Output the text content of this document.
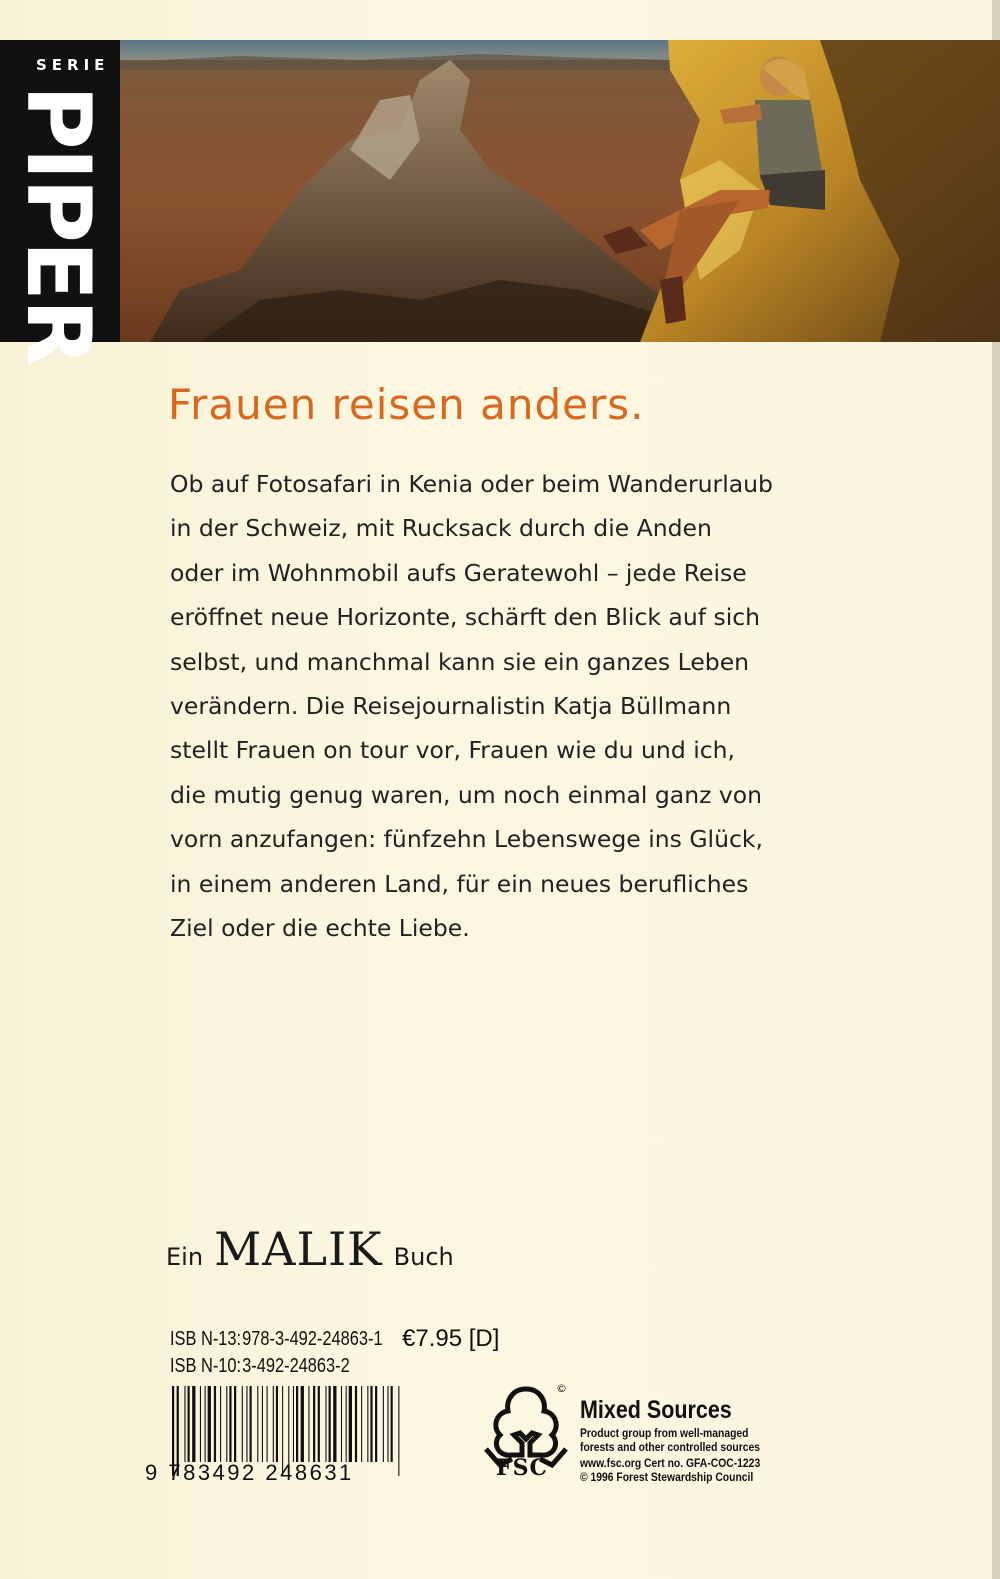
SERIE
PIPER
Frauen reisen anders.
Ob auf Fotosafari in Kenia oder beim Wanderurlaub
in der Schweiz, mit Rucksack durch die Anden
oder im Wohnmobil aufs Geratewohl – jede Reise
eröffnet neue Horizonte, schärft den Blick auf sich
selbst, und manchmal kann sie ein ganzes Leben
verändern. Die Reisejournalistin Katja Büllmann
stellt Frauen on tour vor, Frauen wie du und ich,
die mutig genug waren, um noch einmal ganz von
vorn anzufangen: fünfzehn Lebenswege ins Glück,
in einem anderen Land, für ein neues berufliches
Ziel oder die echte Liebe.
Ein MALIK Buch
ISB N-13:978-3-492-24863-1 €7.95 [D]
ISB N-10:3-492-24863-2
9 783492 248631	FSC
©
Mixed Sources
Product group from well-managed
forests and other controlled sources
www.fsc.org Cert no. GFA-COC-1223
© 1996 Forest Stewardship Council
